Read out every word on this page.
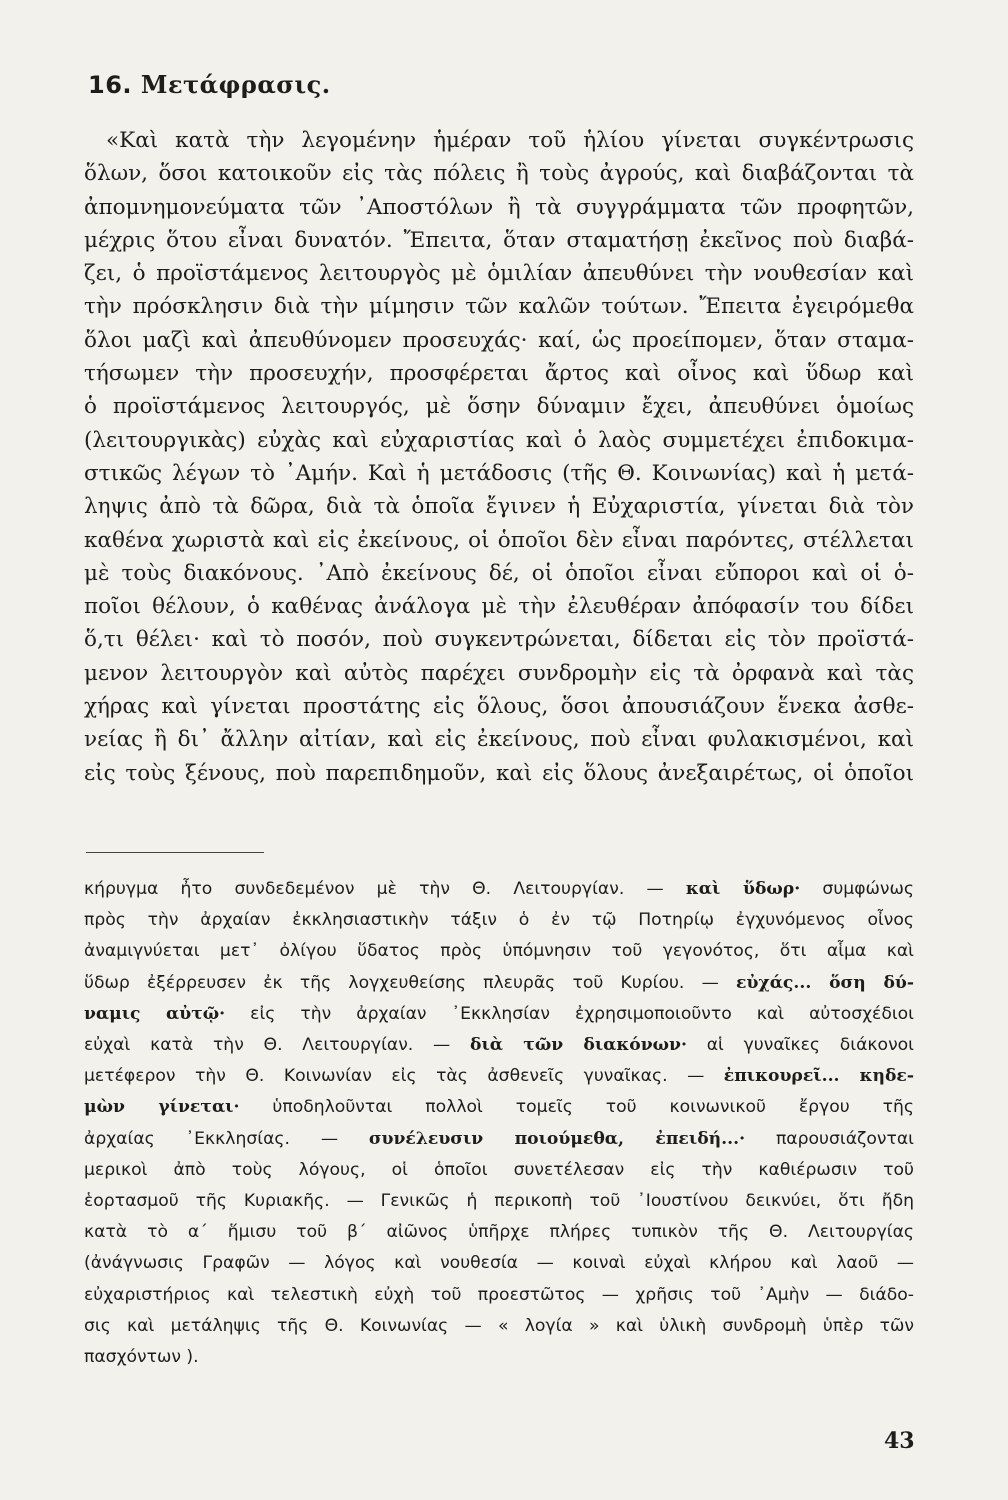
16. Μετάφρασις.

«Καὶ κατὰ τὴν λεγομένην ἡμέραν τοῦ ἡλίου γίνεται συγκέντρωσις

ὅλων, ὅσοι κατοικοῦν εἰς τὰς πόλεις ἢ τοὺς ἀγρούς, καὶ διαβάζονται τὰ

ἀπομνημονεύματα τῶν ᾿Αποστόλων ἢ τὰ συγγράμματα τῶν προφητῶν,

μέχρις ὅτου εἶναι δυνατόν. Ἔπειτα, ὅταν σταματήσῃ ἐκεῖνος ποὺ διαβά-

ζει, ὁ προϊστάμενος λειτουργὸς μὲ ὁμιλίαν ἀπευθύνει τὴν νουθεσίαν καὶ

τὴν πρόσκλησιν διὰ τὴν μίμησιν τῶν καλῶν τούτων. Ἔπειτα ἐγειρόμεθα

ὅλοι μαζὶ καὶ ἀπευθύνομεν προσευχάς· καί, ὡς προείπομεν, ὅταν σταμα-

τήσωμεν τὴν προσευχήν, προσφέρεται ἄρτος καὶ οἶνος καὶ ὕδωρ καὶ

ὁ προϊστάμενος λειτουργός, μὲ ὅσην δύναμιν ἔχει, ἀπευθύνει ὁμοίως

(λειτουργικὰς) εὐχὰς καὶ εὐχαριστίας καὶ ὁ λαὸς συμμετέχει ἐπιδοκιμα-

στικῶς λέγων τὸ ᾿Αμήν. Καὶ ἡ μετάδοσις (τῆς Θ. Κοινωνίας) καὶ ἡ μετά-

ληψις ἀπὸ τὰ δῶρα, διὰ τὰ ὁποῖα ἔγινεν ἡ Εὐχαριστία, γίνεται διὰ τὸν

καθένα χωριστὰ καὶ εἰς ἐκείνους, οἱ ὁποῖοι δὲν εἶναι παρόντες, στέλλεται

μὲ τοὺς διακόνους. ᾿Απὸ ἐκείνους δέ, οἱ ὁποῖοι εἶναι εὔποροι καὶ οἱ ὁ-

ποῖοι θέλουν, ὁ καθένας ἀνάλογα μὲ τὴν ἐλευθέραν ἀπόφασίν του δίδει

ὅ,τι θέλει· καὶ τὸ ποσόν, ποὺ συγκεντρώνεται, δίδεται εἰς τὸν προϊστά-

μενον λειτουργὸν καὶ αὐτὸς παρέχει συνδρομὴν εἰς τὰ ὀρφανὰ καὶ τὰς

χήρας καὶ γίνεται προστάτης εἰς ὅλους, ὅσοι ἀπουσιάζουν ἕνεκα ἀσθε-

νείας ἢ δι᾿ ἄλλην αἰτίαν, καὶ εἰς ἐκείνους, ποὺ εἶναι φυλακισμένοι, καὶ

εἰς τοὺς ξένους, ποὺ παρεπιδημοῦν, καὶ εἰς ὅλους ἀνεξαιρέτως, οἱ ὁποῖοι

κήρυγμα ἦτο συνδεδεμένον μὲ τὴν Θ. Λειτουργίαν. — καὶ ὕδωρ· συμφώνως

πρὸς τὴν ἀρχαίαν ἐκκλησιαστικὴν τάξιν ὁ ἐν τῷ Ποτηρίῳ ἐγχυνόμενος οἶνος

ἀναμιγνύεται μετ᾿ ὀλίγου ὕδατος πρὸς ὑπόμνησιν τοῦ γεγονότος, ὅτι αἷμα καὶ

ὕδωρ ἐξέρρευσεν ἐκ τῆς λογχευθείσης πλευρᾶς τοῦ Κυρίου. — εὐχάς... ὅση δύ-

ναμις αὐτῷ· εἰς τὴν ἀρχαίαν ᾿Εκκλησίαν ἐχρησιμοποιοῦντο καὶ αὐτοσχέδιοι

εὐχαὶ κατὰ τὴν Θ. Λειτουργίαν. — διὰ τῶν διακόνων· αἱ γυναῖκες διάκονοι

μετέφερον τὴν Θ. Κοινωνίαν εἰς τὰς ἀσθενεῖς γυναῖκας. — ἐπικουρεῖ... κηδε-

μὼν γίνεται· ὑποδηλοῦνται πολλοὶ τομεῖς τοῦ κοινωνικοῦ ἔργου τῆς

ἀρχαίας ᾿Εκκλησίας. — συνέλευσιν ποιούμεθα, ἐπειδή...· παρουσιάζονται

μερικοὶ ἀπὸ τοὺς λόγους, οἱ ὁποῖοι συνετέλεσαν εἰς τὴν καθιέρωσιν τοῦ

ἑορτασμοῦ τῆς Κυριακῆς. — Γενικῶς ἡ περικοπὴ τοῦ ᾿Ιουστίνου δεικνύει, ὅτι ἤδη

κατὰ τὸ α΄ ἥμισυ τοῦ β΄ αἰῶνος ὑπῆρχε πλήρες τυπικὸν τῆς Θ. Λειτουργίας

(ἀνάγνωσις Γραφῶν — λόγος καὶ νουθεσία — κοιναὶ εὐχαὶ κλήρου καὶ λαοῦ —

εὐχαριστήριος καὶ τελεστικὴ εὐχὴ τοῦ προεστῶτος — χρῆσις τοῦ ᾿Αμὴν — διάδο-

σις καὶ μετάληψις τῆς Θ. Κοινωνίας — « λογία » καὶ ὑλικὴ συνδρομὴ ὑπὲρ τῶν

πασχόντων ).

43
